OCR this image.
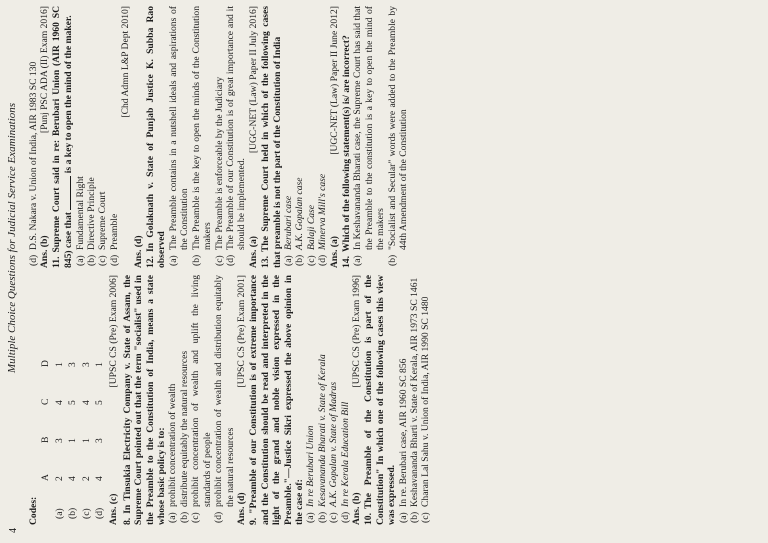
4
Multiple Choice Questions for Judicial Service Examinations
Codes:
	A	B	C	D
(a)	2	3	4	1
(b)	4	1	5	3
(c)	2	1	4	3
(d)	4	3	5	1
Ans. (c)
[UPSC CS (Pre) Exam 2006]
8.In Tinsukia Electricity Company v. State of Assam, the Supreme Court pointed out that the term "socialist" used in the Preamble to the Constitution of India, means a state whose basic policy is to: (a)prohibit concentration of wealth

(b)distribute equitably the natural resources

(c)prohibit concentration of wealth and uplift the living standards of people

(d)prohibit concentration of wealth and distribution equitably the natural resources

Ans. (d)
[UPSC CS (Pre) Exam 2001]
9."Preamble of our Constitution is of extreme importance and the Constitution should be read and interpreted in the light of the grand and noble vision expressed in the Preamble."—Justice Sikri expressed the above opinion in the case of: (a)In re Berubari Union

(b)Kesavananda Bharati v. State of Kerala

(c)A.K. Gopalan v. State of Madras

(d)In re Kerala Education Bill

Ans. (b)
[UPSC CS (Pre) Exam 1996]
10.The Preamble of the Constitution is part of the Constitution" In which one of the following cases this view was expressed. (a)In re. Berubari case, AIR 1960 SC 856

(b)Keshavananda Bharti v. State of Kerala, AIR 1973 SC 1461

(c)Charan Lal Sahu v. Union of India, AIR 1990 SC 1480

(d)D.S. Nakara v. Union of India, AIR 1983 SC 130

Ans. (b)
[Punj PSC ADA (II) Exam 2016]
11.Supreme Court said in re: Berubari Union (AIR 1960 SC 845) case that  is a key to open the mind of the maker.

(a)Fundamental Right

(b)Directive Principle

(c)Supreme Court

(d)Preamble

[Chd Admn L&P Dept 2010]

Ans. (d) 12.In Golaknath v. State of Punjab Justice K. Subba Rao observed (a)The Preamble contains in a nutshell ideals and aspirations of the Constitution

(b)The Preamble is the key to open the minds of the Constitution makers

(c)The Preamble is enforceable by the Judiciary

(d)The Preamble of our Constitution is of great importance and it should be implemented.

Ans. (a)
[UGC-NET (Law) Paper II July 2016]
13.The Supreme Court held in which of the following cases that preamble is not the part of the Constitution of India (a)Berubari case

(b)A.K. Gopalan case

(c)Balaji Case

(d)Minerva Mill's case

Ans. (a)
[UGC-NET (Law) Paper II June 2012]
14.Which of the following statement(s) is/ are incorrect?

(a)In Keshavananda Bharati case, the Supreme Court has said that the Preamble to the constitution is a key to open the mind of the makers

(b)"Socialist and Secular" words were added to the Preamble by 44th Amendment of the Constitution
